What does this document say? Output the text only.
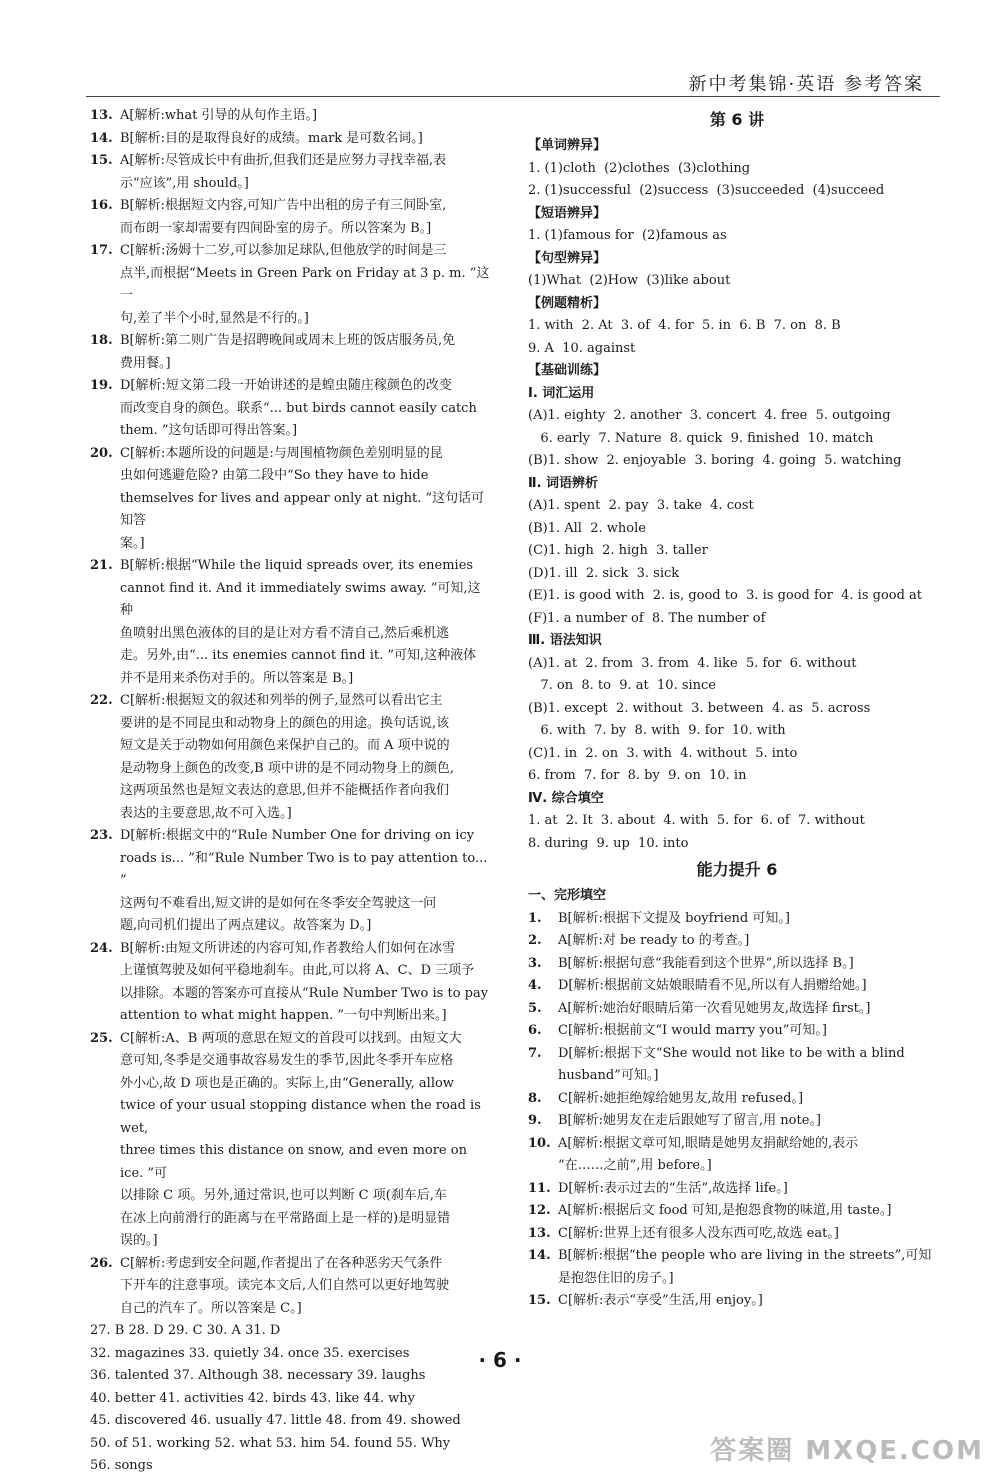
新中考集锦·英语 参考答案
13. A[解析:what 引导的从句作主语。]
14. B[解析:目的是取得良好的成绩。mark 是可数名词。]
15. A[解析:尽管成长中有曲折,但我们还是应努力寻找幸福,表
示“应该”,用 should。]
16. B[解析:根据短文内容,可知广告中出租的房子有三间卧室,
而布朗一家却需要有四间卧室的房子。所以答案为 B。]
17. C[解析:汤姆十二岁,可以参加足球队,但他放学的时间是三
点半,而根据“Meets in Green Park on Friday at 3 p. m. ”这一
句,差了半个小时,显然是不行的。]
18. B[解析:第二则广告是招聘晚间或周末上班的饭店服务员,免
费用餐。]
19. D[解析:短文第二段一开始讲述的是蝗虫随庄稼颜色的改变
而改变自身的颜色。联系“... but birds cannot easily catch
them. ”这句话即可得出答案。]
20. C[解析:本题所设的问题是:与周围植物颜色差别明显的昆
虫如何逃避危险? 由第二段中“So they have to hide
themselves for lives and appear only at night. ”这句话可知答
案。]
21. B[解析:根据“While the liquid spreads over, its enemies
cannot find it. And it immediately swims away. ”可知,这种
鱼喷射出黑色液体的目的是让对方看不清自己,然后乘机逃
走。另外,由“... its enemies cannot find it. ”可知,这种液体
并不是用来杀伤对手的。所以答案是 B。]
22. C[解析:根据短文的叙述和列举的例子,显然可以看出它主
要讲的是不同昆虫和动物身上的颜色的用途。换句话说,该
短文是关于动物如何用颜色来保护自己的。而 A 项中说的
是动物身上颜色的改变,B 项中讲的是不同动物身上的颜色,
这两项虽然也是短文表达的意思,但并不能概括作者向我们
表达的主要意思,故不可入选。]
23. D[解析:根据文中的“Rule Number One for driving on icy
roads is... ”和“Rule Number Two is to pay attention to... ”
这两句不难看出,短文讲的是如何在冬季安全驾驶这一问
题,向司机们提出了两点建议。故答案为 D。]
24. B[解析:由短文所讲述的内容可知,作者教给人们如何在冰雪
上谨慎驾驶及如何平稳地刹车。由此,可以将 A、C、D 三项予
以排除。本题的答案亦可直接从“Rule Number Two is to pay
attention to what might happen. ”一句中判断出来。]
25. C[解析:A、B 两项的意思在短文的首段可以找到。由短文大
意可知,冬季是交通事故容易发生的季节,因此冬季开车应格
外小心,故 D 项也是正确的。实际上,由“Generally, allow
twice of your usual stopping distance when the road is wet,
three times this distance on snow, and even more on ice. ”可
以排除 C 项。另外,通过常识,也可以判断 C 项(刹车后,车
在冰上向前滑行的距离与在平常路面上是一样的)是明显错
误的。]
26. C[解析:考虑到安全问题,作者提出了在各种恶劣天气条件
下开车的注意事项。读完本文后,人们自然可以更好地驾驶
自己的汽车了。所以答案是 C。]
27. B 28. D 29. C 30. A 31. D
32. magazines 33. quietly 34. once 35. exercises
36. talented 37. Although 38. necessary 39. laughs
40. better 41. activities 42. birds 43. like 44. why
45. discovered 46. usually 47. little 48. from 49. showed
50. of 51. working 52. what 53. him 54. found 55. Why
56. songs
第 6 讲
【单词辨异】
1. (1)cloth  (2)clothes  (3)clothing
2. (1)successful  (2)success  (3)succeeded  (4)succeed
【短语辨异】
1. (1)famous for  (2)famous as
【句型辨异】
(1)What  (2)How  (3)like about
【例题精析】
1. with  2. At  3. of  4. for  5. in  6. B  7. on  8. B
9. A  10. against
【基础训练】
Ⅰ. 词汇运用
(A)1. eighty  2. another  3. concert  4. free  5. outgoing
6. early  7. Nature  8. quick  9. finished  10. match
(B)1. show  2. enjoyable  3. boring  4. going  5. watching
Ⅱ. 词语辨析
(A)1. spent  2. pay  3. take  4. cost
(B)1. All  2. whole
(C)1. high  2. high  3. taller
(D)1. ill  2. sick  3. sick
(E)1. is good with  2. is, good to  3. is good for  4. is good at
(F)1. a number of  8. The number of
Ⅲ. 语法知识
(A)1. at  2. from  3. from  4. like  5. for  6. without
7. on  8. to  9. at  10. since
(B)1. except  2. without  3. between  4. as  5. across
6. with  7. by  8. with  9. for  10. with
(C)1. in  2. on  3. with  4. without  5. into
6. from  7. for  8. by  9. on  10. in
Ⅳ. 综合填空
1. at  2. It  3. about  4. with  5. for  6. of  7. without
8. during  9. up  10. into
能力提升 6
一、完形填空
1.	B[解析:根据下文提及 boyfriend 可知。]
2.	A[解析:对 be ready to 的考查。]
3.	B[解析:根据句意“我能看到这个世界”,所以选择 B。]
4.	D[解析:根据前文姑娘眼睛看不见,所以有人捐赠给她。]
5.	A[解析:她治好眼睛后第一次看见她男友,故选择 first。]
6.	C[解析:根据前文“I would marry you”可知。]
7.	D[解析:根据下文“She would not like to be with a blind
husband”可知。]
8.	C[解析:她拒绝嫁给她男友,故用 refused。]
9.	B[解析:她男友在走后跟她写了留言,用 note。]
10. A[解析:根据文章可知,眼睛是她男友捐献给她的,表示
“在……之前”,用 before。]
11. D[解析:表示过去的“生活”,故选择 life。]
12. A[解析:根据后文 food 可知,是抱怨食物的味道,用 taste。]
13. C[解析:世界上还有很多人没东西可吃,故选 eat。]
14. B[解析:根据“the people who are living in the streets”,可知
是抱怨住旧的房子。]
15. C[解析:表示“享受”生活,用 enjoy。]
· 6 ·
答案圈 MXQE.COM
